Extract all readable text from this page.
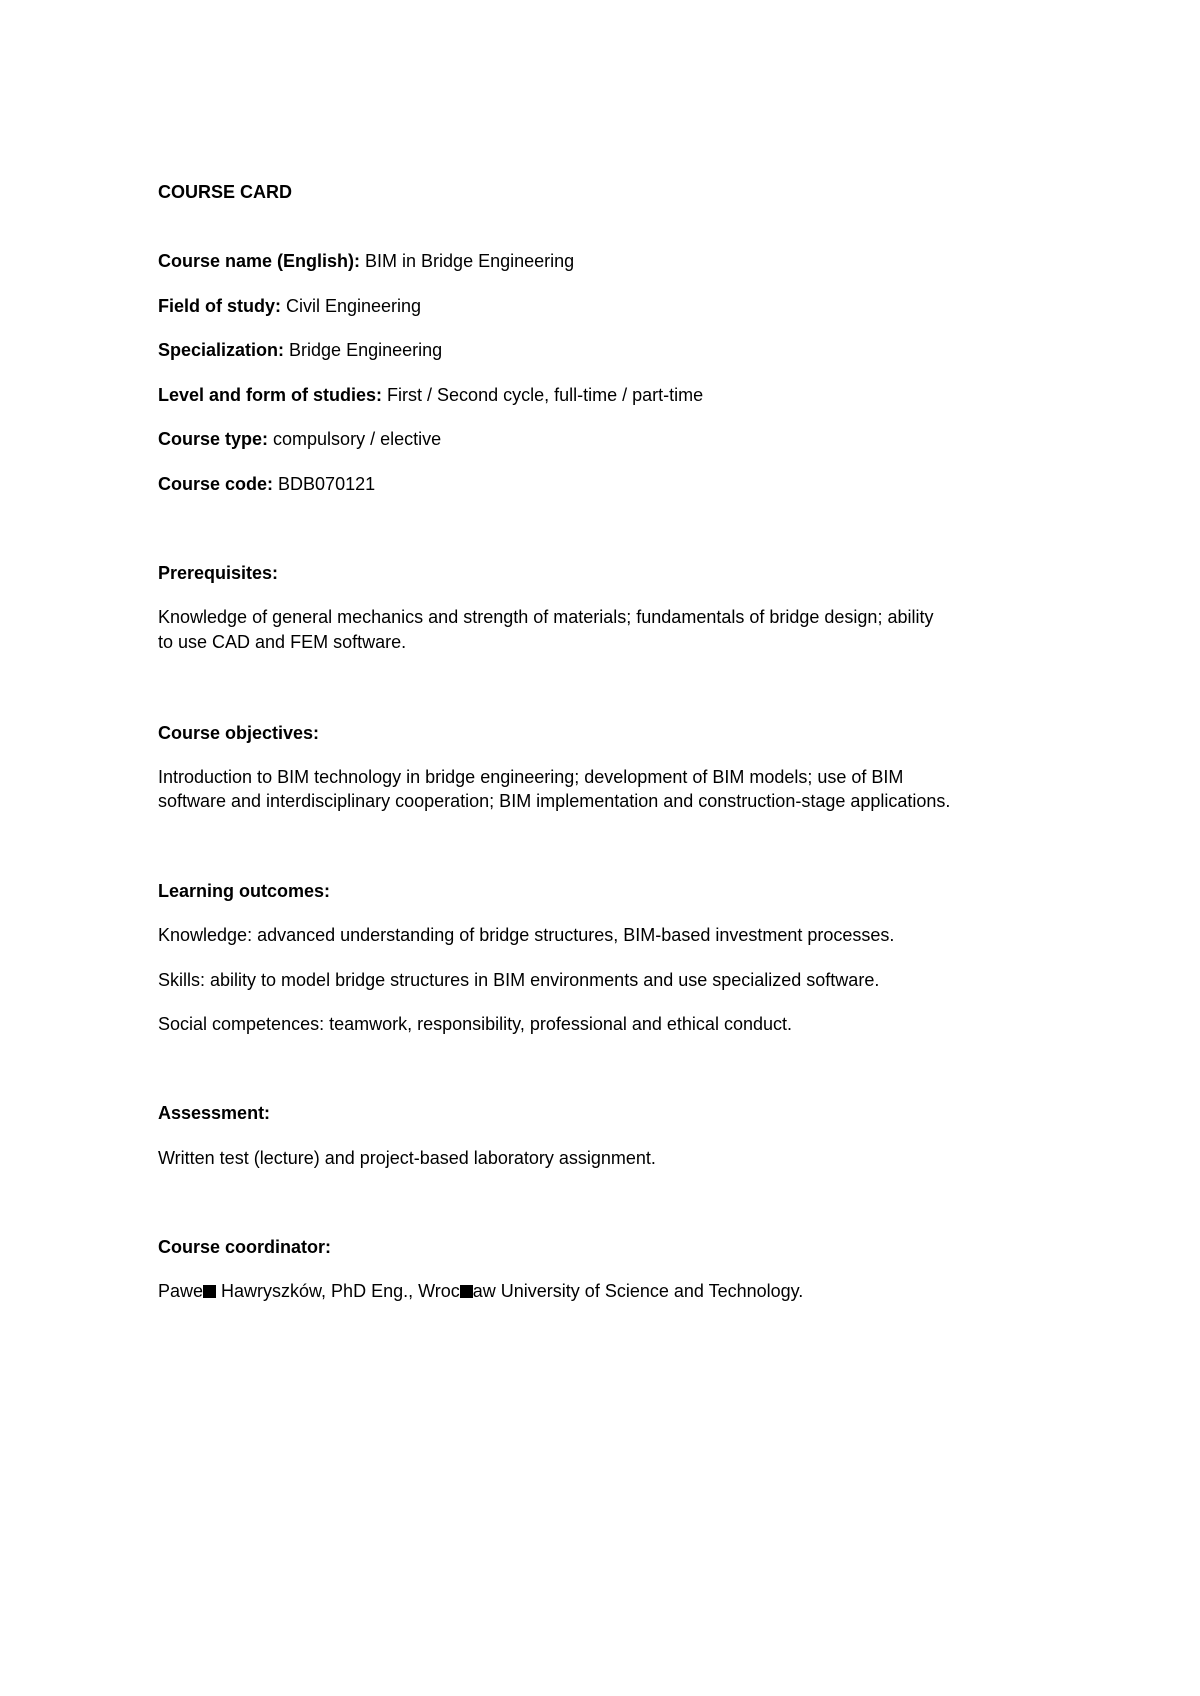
COURSE CARD
Course name (English): BIM in Bridge Engineering
Field of study: Civil Engineering
Specialization: Bridge Engineering
Level and form of studies: First / Second cycle, full-time / part-time
Course type: compulsory / elective
Course code: BDB070121
Prerequisites:
Knowledge of general mechanics and strength of materials; fundamentals of bridge design; ability
to use CAD and FEM software.
Course objectives:
Introduction to BIM technology in bridge engineering; development of BIM models; use of BIM
software and interdisciplinary cooperation; BIM implementation and construction-stage applications.
Learning outcomes:
Knowledge: advanced understanding of bridge structures, BIM-based investment processes.
Skills: ability to model bridge structures in BIM environments and use specialized software.
Social competences: teamwork, responsibility, professional and ethical conduct.
Assessment:
Written test (lecture) and project-based laboratory assignment.
Course coordinator:
Pawe Hawryszków, PhD Eng., Wroc aw University of Science and Technology.
